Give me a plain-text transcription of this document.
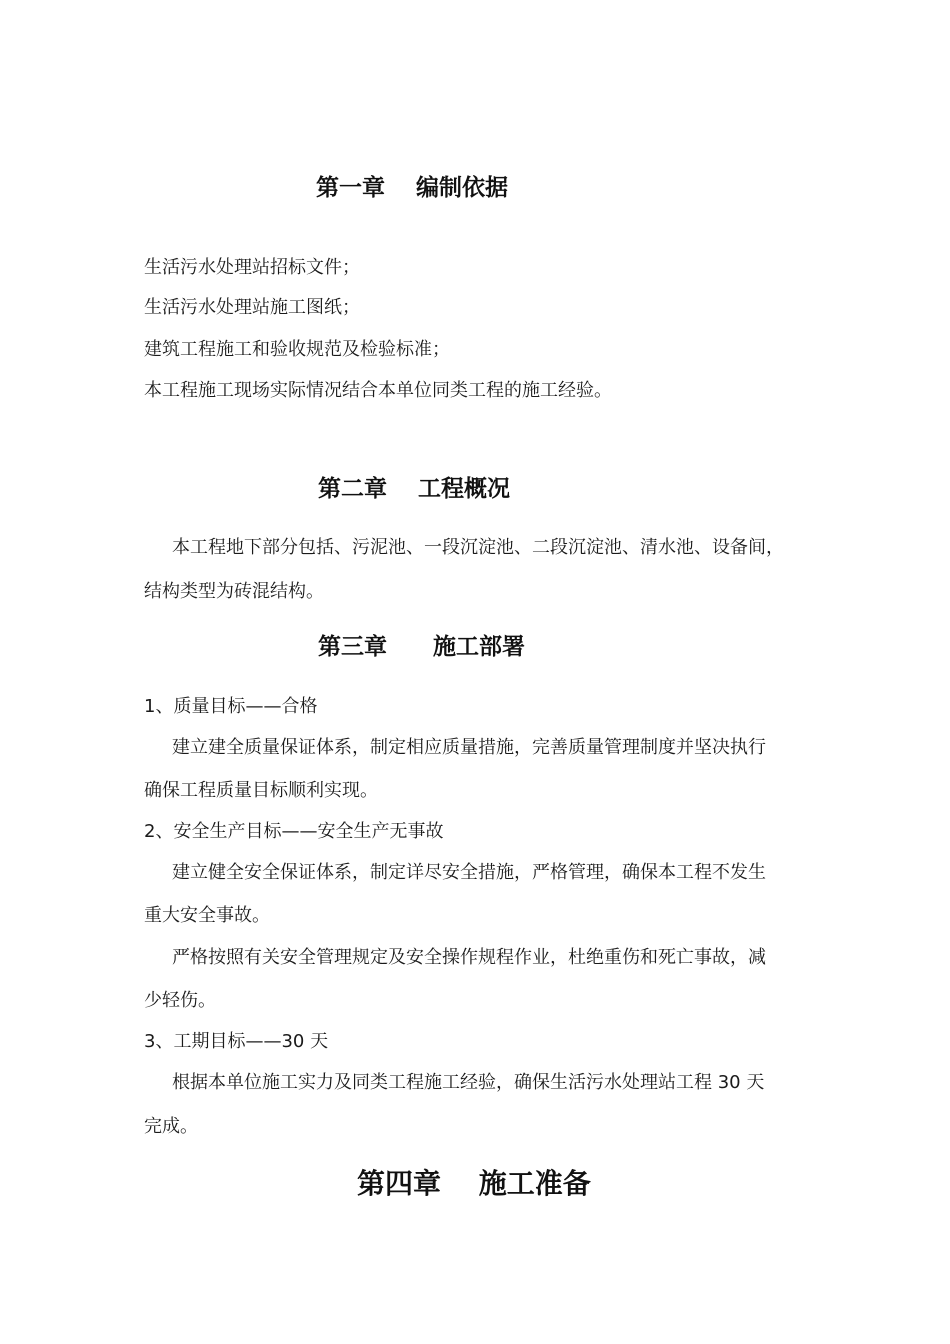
第一章　 编制依据
生活污水处理站招标文件；
生活污水处理站施工图纸；
建筑工程施工和验收规范及检验标准；
本工程施工现场实际情况结合本单位同类工程的施工经验。
第二章　 工程概况
本工程地下部分包括、污泥池、一段沉淀池、二段沉淀池、清水池、设备间，
结构类型为砖混结构。
第三章　　施工部署
1、质量目标——合格
建立建全质量保证体系，制定相应质量措施，完善质量管理制度并坚决执行
确保工程质量目标顺利实现。
2、安全生产目标——安全生产无事故
建立健全安全保证体系，制定详尽安全措施，严格管理，确保本工程不发生
重大安全事故。
严格按照有关安全管理规定及安全操作规程作业，杜绝重伤和死亡事故，减
少轻伤。
3、工期目标——30 天
根据本单位施工实力及同类工程施工经验，确保生活污水处理站工程 30 天
完成。
第四章　 施工准备
